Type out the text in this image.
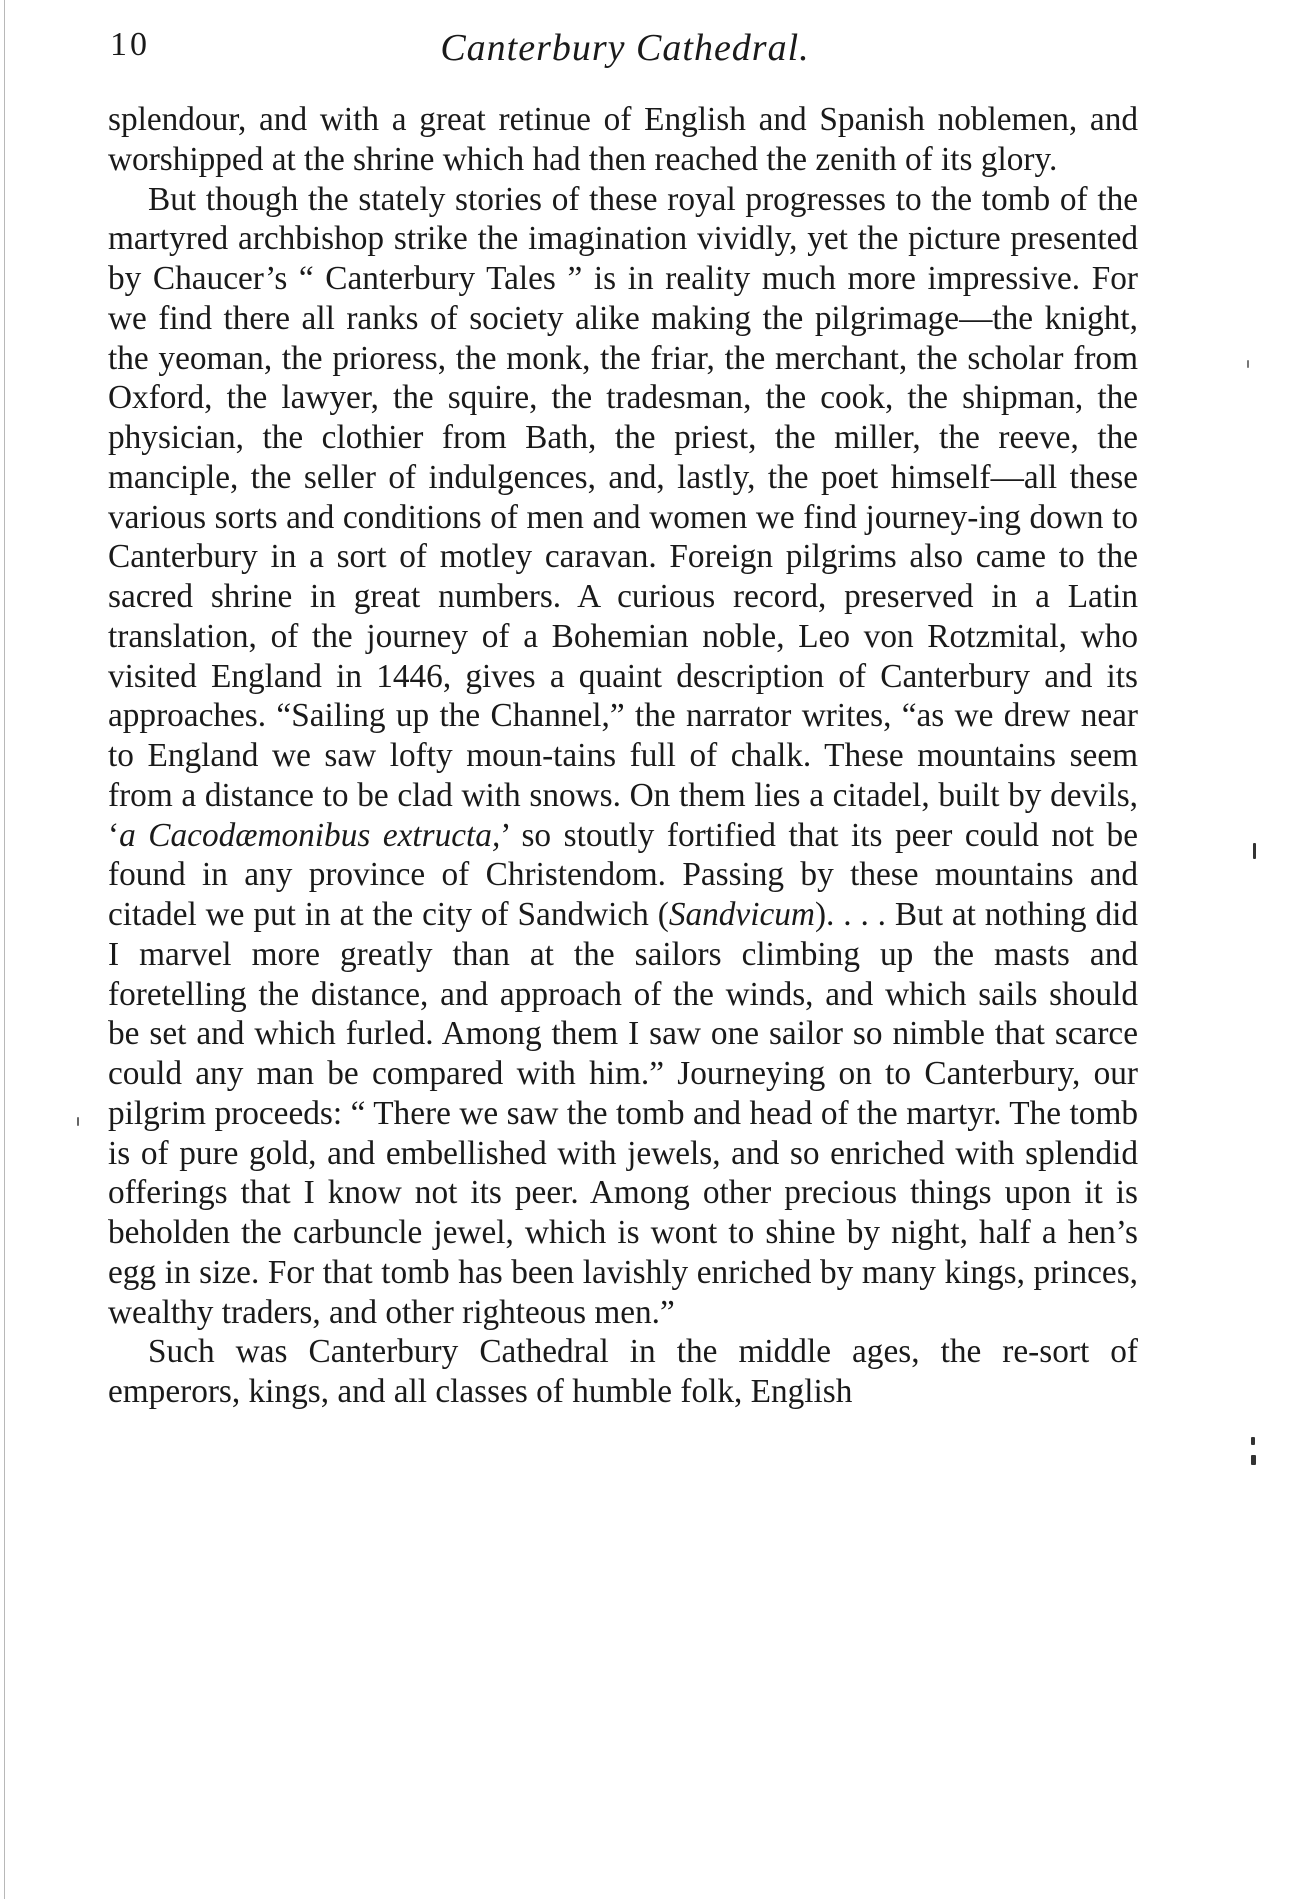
10	Canterbury Cathedral.

splendour, and with a great retinue of English and Spanish noblemen, and worshipped at the shrine which had then reached the zenith of its glory.

But though the stately stories of these royal progresses to the tomb of the martyred archbishop strike the imagination vividly, yet the picture presented by Chaucer’s “ Canterbury Tales ” is in reality much more impressive. For we find there all ranks of society alike making the pilgrimage—the knight, the yeoman, the prioress, the monk, the friar, the merchant, the scholar from Oxford, the lawyer, the squire, the tradesman, the cook, the shipman, the physician, the clothier from Bath, the priest, the miller, the reeve, the manciple, the seller of indulgences, and, lastly, the poet himself—all these various sorts and conditions of men and women we find journey-ing down to Canterbury in a sort of motley caravan. Foreign pilgrims also came to the sacred shrine in great numbers. A curious record, preserved in a Latin translation, of the journey of a Bohemian noble, Leo von Rotzmital, who visited England in 1446, gives a quaint description of Canterbury and its approaches. “Sailing up the Channel,” the narrator writes, “as we drew near to England we saw lofty moun-tains full of chalk. These mountains seem from a distance to be clad with snows. On them lies a citadel, built by devils, ‘a Cacodæmonibus extructa,’ so stoutly fortified that its peer could not be found in any province of Christendom. Passing by these mountains and citadel we put in at the city of Sandwich (Sandvicum). . . . But at nothing did I marvel more greatly than at the sailors climbing up the masts and foretelling the distance, and approach of the winds, and which sails should be set and which furled. Among them I saw one sailor so nimble that scarce could any man be compared with him.” Journeying on to Canterbury, our pilgrim proceeds: “ There we saw the tomb and head of the martyr. The tomb is of pure gold, and embellished with jewels, and so enriched with splendid offerings that I know not its peer. Among other precious things upon it is beholden the carbuncle jewel, which is wont to shine by night, half a hen’s egg in size. For that tomb has been lavishly enriched by many kings, princes, wealthy traders, and other righteous men.”

Such was Canterbury Cathedral in the middle ages, the re-sort of emperors, kings, and all classes of humble folk, English
